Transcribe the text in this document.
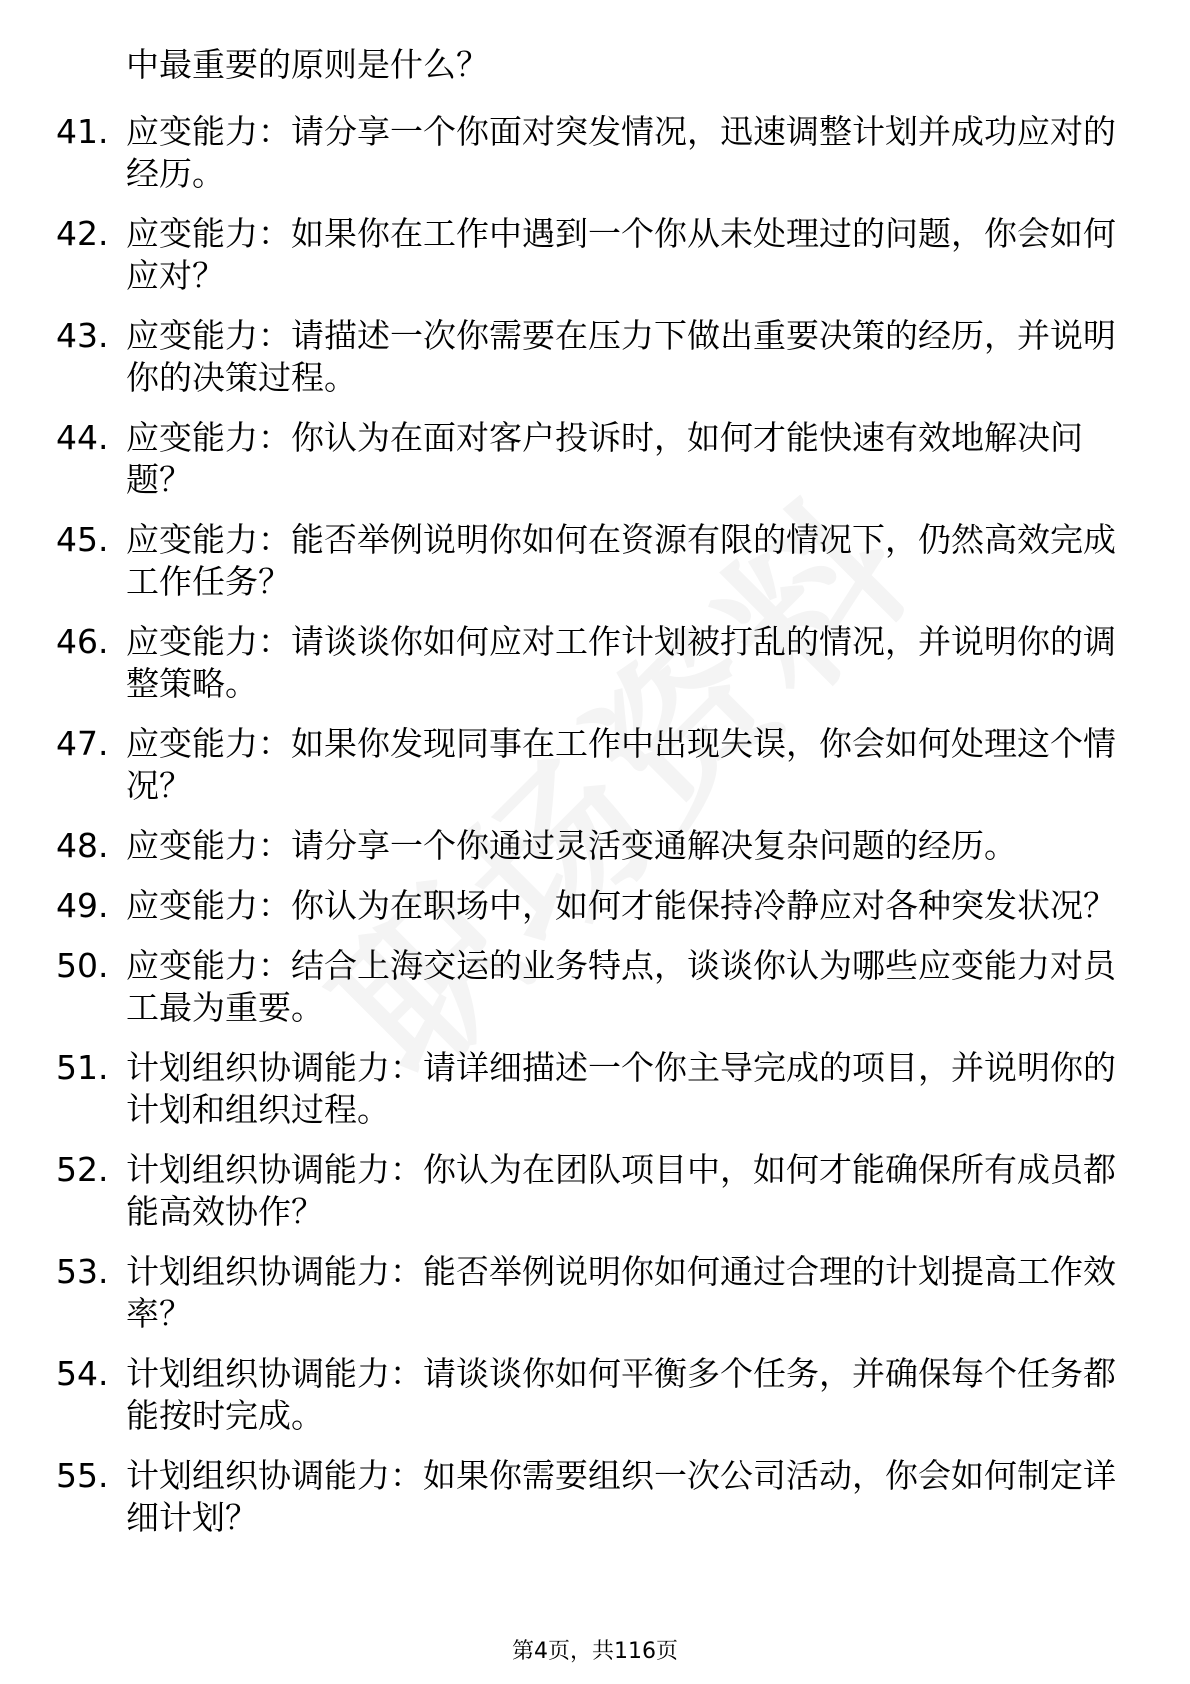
中最重要的原则是什么？
41. 应变能力：请分享一个你面对突发情况，迅速调整计划并成功应对的经历。
42. 应变能力：如果你在工作中遇到一个你从未处理过的问题，你会如何应对？
43. 应变能力：请描述一次你需要在压力下做出重要决策的经历，并说明你的决策过程。
44. 应变能力：你认为在面对客户投诉时，如何才能快速有效地解决问题？
45. 应变能力：能否举例说明你如何在资源有限的情况下，仍然高效完成工作任务？
46. 应变能力：请谈谈你如何应对工作计划被打乱的情况，并说明你的调整策略。
47. 应变能力：如果你发现同事在工作中出现失误，你会如何处理这个情况？
48. 应变能力：请分享一个你通过灵活变通解决复杂问题的经历。
49. 应变能力：你认为在职场中，如何才能保持冷静应对各种突发状况？
50. 应变能力：结合上海交运的业务特点，谈谈你认为哪些应变能力对员工最为重要。
51. 计划组织协调能力：请详细描述一个你主导完成的项目，并说明你的计划和组织过程。
52. 计划组织协调能力：你认为在团队项目中，如何才能确保所有成员都能高效协作？
53. 计划组织协调能力：能否举例说明你如何通过合理的计划提高工作效率？
54. 计划组织协调能力：请谈谈你如何平衡多个任务，并确保每个任务都能按时完成。
55. 计划组织协调能力：如果你需要组织一次公司活动，你会如何制定详细计划？
第4页，共116页
